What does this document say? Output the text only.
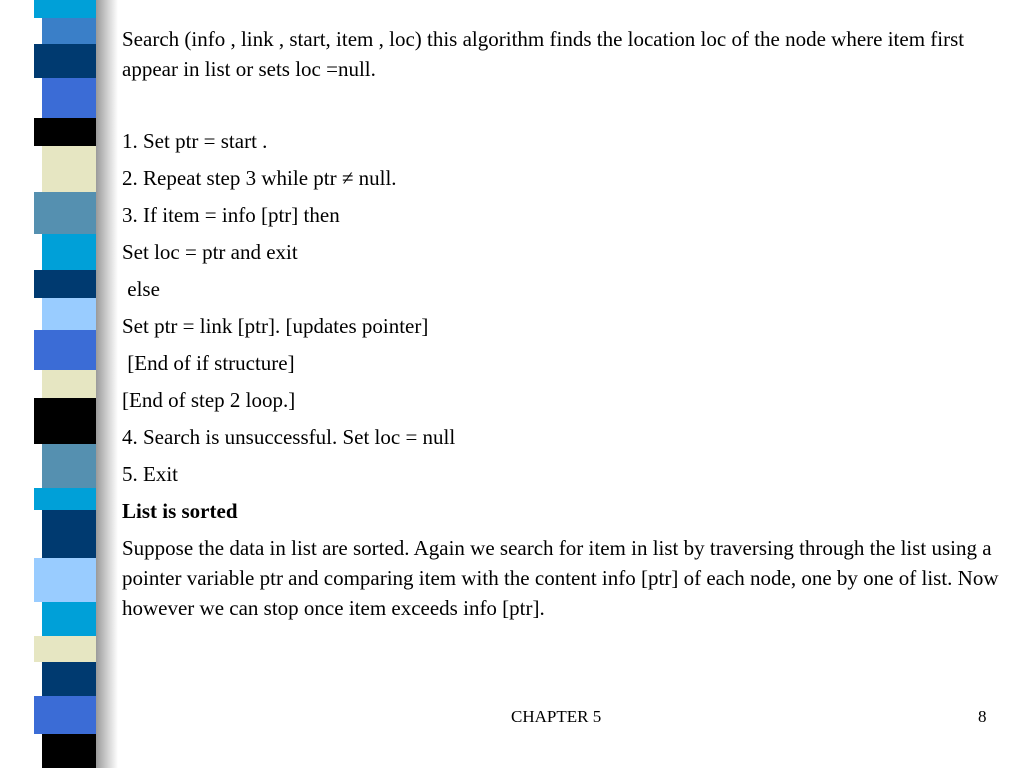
Search (info , link , start, item , loc) this algorithm finds the location loc of the node where item first appear in list or sets loc =null.

1. Set ptr = start .

2. Repeat step 3 while ptr ≠ null.

3. If item = info [ptr] then

Set loc = ptr and exit

else

Set ptr = link [ptr]. [updates pointer]

[End of if structure]

[End of step 2 loop.]

4. Search is unsuccessful. Set loc = null

5. Exit

List is sorted

Suppose the data in list are sorted. Again we search for item in list by traversing through the list using a pointer variable ptr and comparing item with the content info [ptr] of each node, one by one of list. Now however we can stop once item exceeds info [ptr].

CHAPTER 5	8
